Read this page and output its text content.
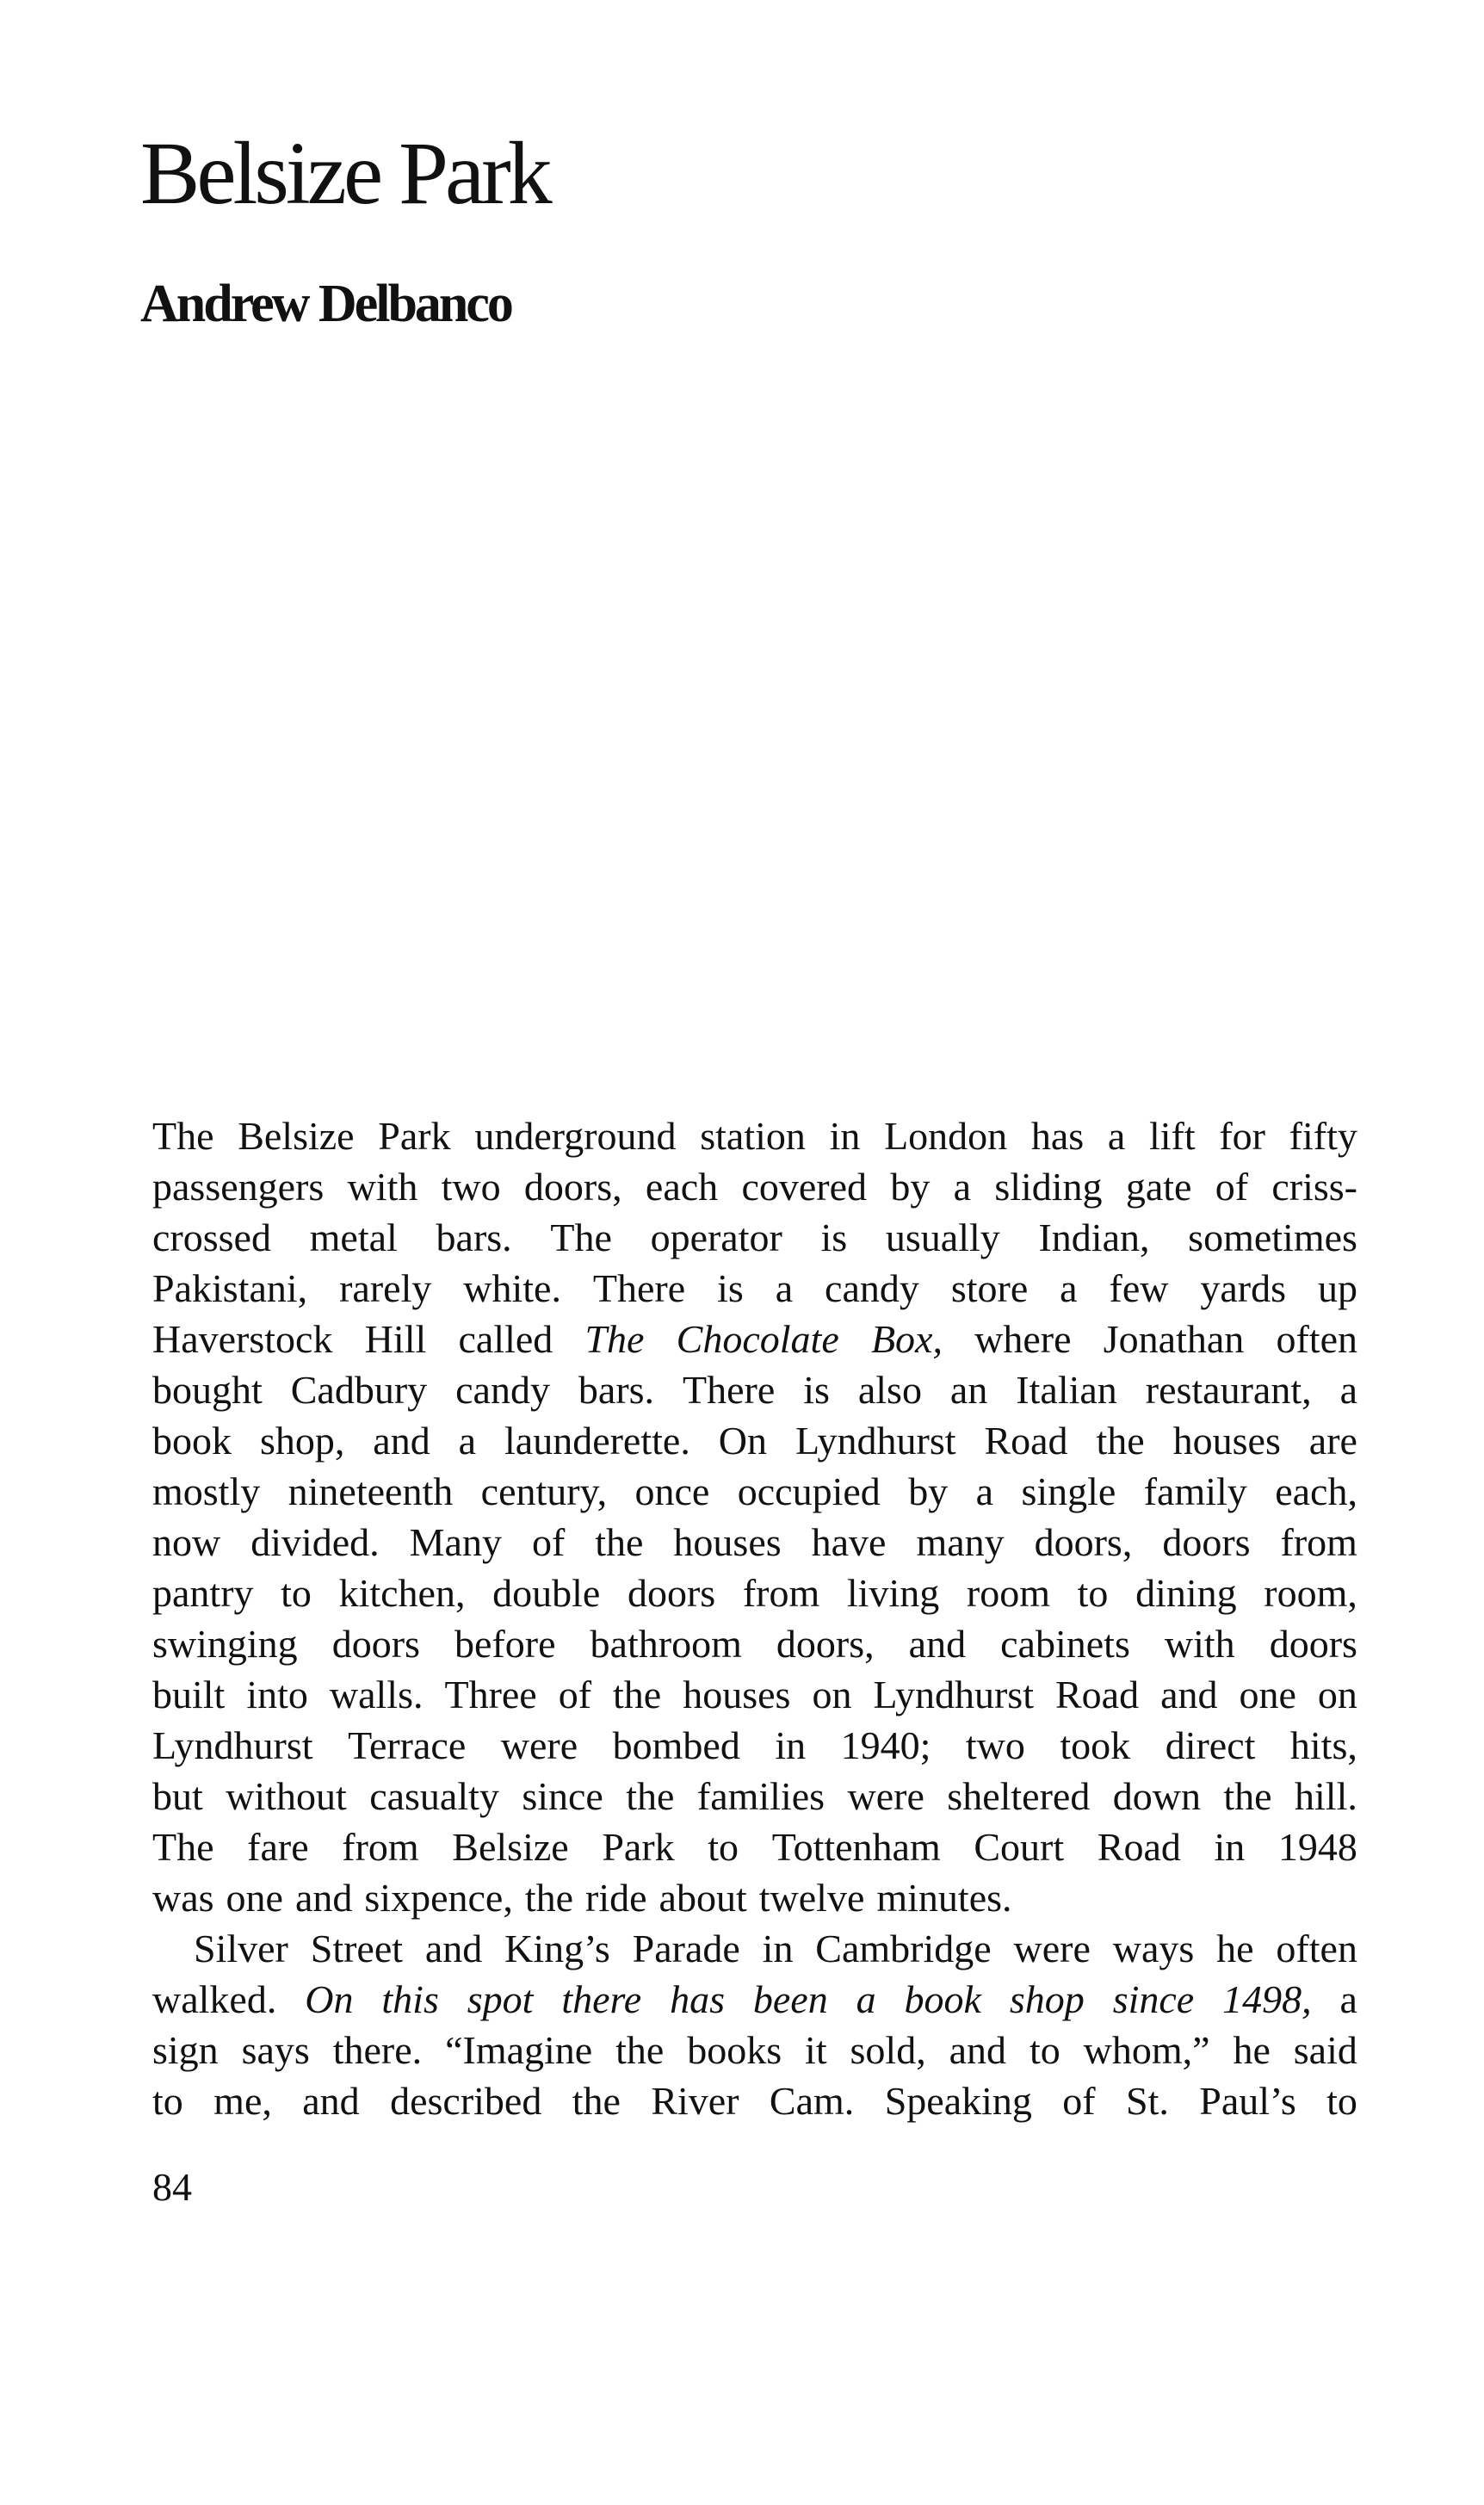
Belsize Park
Andrew Delbanco
The Belsize Park underground station in London has a lift for fifty
passengers with two doors, each covered by a sliding gate of criss-
crossed metal bars. The operator is usually Indian, sometimes
Pakistani, rarely white. There is a candy store a few yards up
Haverstock Hill called The Chocolate Box, where Jonathan often
bought Cadbury candy bars. There is also an Italian restaurant, a
book shop, and a launderette. On Lyndhurst Road the houses are
mostly nineteenth century, once occupied by a single family each,
now divided. Many of the houses have many doors, doors from
pantry to kitchen, double doors from living room to dining room,
swinging doors before bathroom doors, and cabinets with doors
built into walls. Three of the houses on Lyndhurst Road and one on
Lyndhurst Terrace were bombed in 1940; two took direct hits,
but without casualty since the families were sheltered down the hill.
The fare from Belsize Park to Tottenham Court Road in 1948
was one and sixpence, the ride about twelve minutes.
Silver Street and King’s Parade in Cambridge were ways he often
walked. On this spot there has been a book shop since 1498, a
sign says there. “Imagine the books it sold, and to whom,” he said
to me, and described the River Cam. Speaking of St. Paul’s to
84
